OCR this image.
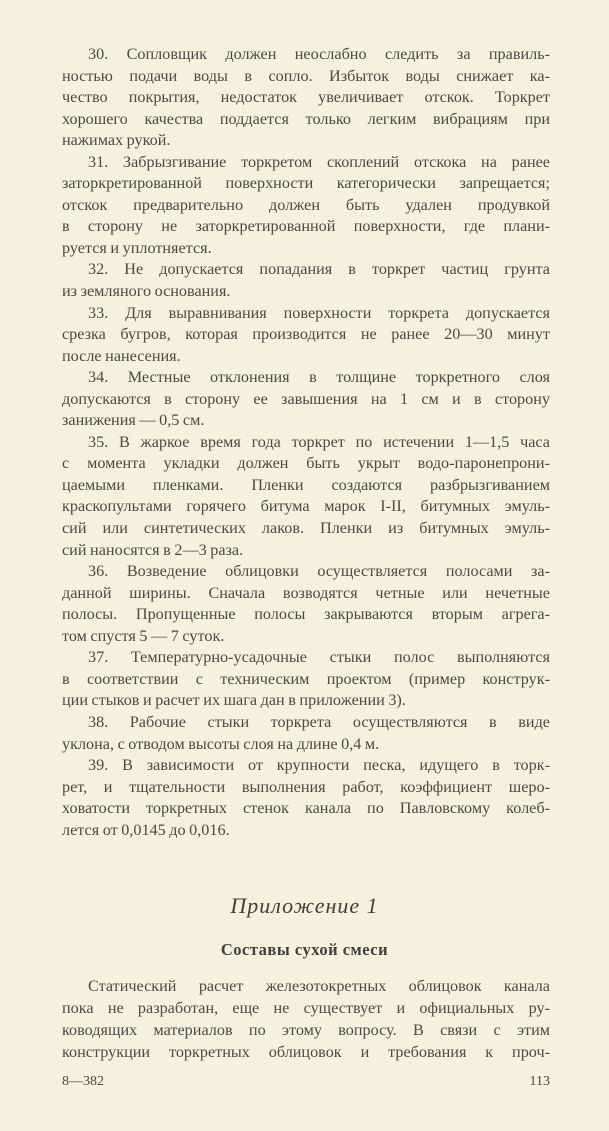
30. Сопловщик должен неослабно следить за правиль-
ностью подачи воды в сопло. Избыток воды снижает ка-
чество покрытия, недостаток увеличивает отскок. Торкрет
хорошего качества поддается только легким вибрациям при
нажимах рукой.
31. Забрызгивание торкретом скоплений отскока на ранее
заторкретированной поверхности категорически запрещается;
отскок предварительно должен быть удален продувкой
в сторону не заторкретированной поверхности, где плани-
руется и уплотняется.
32. Не допускается попадания в торкрет частиц грунта
из земляного основания.
33. Для выравнивания поверхности торкрета допускается
срезка бугров, которая производится не ранее 20—30 минут
после нанесения.
34. Местные отклонения в толщине торкретного слоя
допускаются в сторону ее завышения на 1 см и в сторону
занижения — 0,5 см.
35. В жаркое время года торкрет по истечении 1—1,5 часа
с момента укладки должен быть укрыт водо-паронепрони-
цаемыми пленками. Пленки создаются разбрызгиванием
краскопультами горячего битума марок I-II, битумных эмуль-
сий или синтетических лаков. Пленки из битумных эмуль-
сий наносятся в 2—3 раза.
36. Возведение облицовки осуществляется полосами за-
данной ширины. Сначала возводятся четные или нечетные
полосы. Пропущенные полосы закрываются вторым агрега-
том спустя 5 — 7 суток.
37. Температурно-усадочные стыки полос выполняются
в соответствии с техническим проектом (пример конструк-
ции стыков и расчет их шага дан в приложении 3).
38. Рабочие стыки торкрета осуществляются в виде
уклона, с отводом высоты слоя на длине 0,4 м.
39. В зависимости от крупности песка, идущего в торк-
рет, и тщательности выполнения работ, коэффициент шеро-
ховатости торкретных стенок канала по Павловскому колеб-
лется от 0,0145 до 0,016.
Приложение 1
Составы сухой смеси
Статический расчет железотокретных облицовок канала
пока не разработан, еще не существует и официальных ру-
ководящих материалов по этому вопросу. В связи с этим
конструкции торкретных облицовок и требования к проч-
8—382	113
